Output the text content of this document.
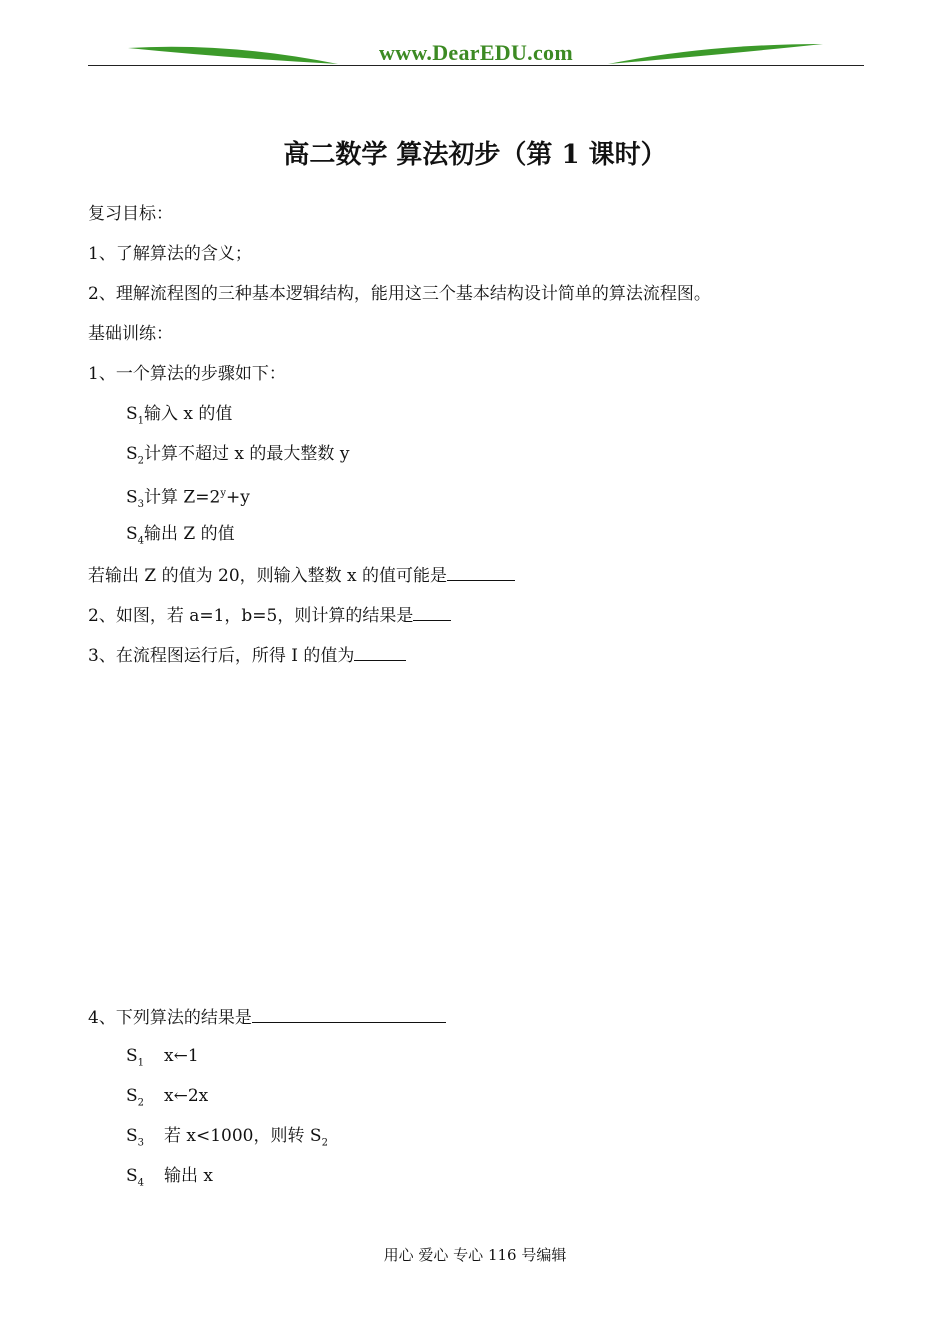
www.DearEDU.com
高二数学 算法初步（第 1 课时）
复习目标：
1、了解算法的含义；
2、理解流程图的三种基本逻辑结构，能用这三个基本结构设计简单的算法流程图。
基础训练：
1、一个算法的步骤如下：
$S_1$输入 x 的值
$S_2$计算不超过 x 的最大整数 y
$S_3$计算 $Z=2^y+y$
$S_4$输出 Z 的值
若输出 Z 的值为 20，则输入整数 x 的值可能是
2、如图，若 a=1，b=5，则计算的结果是
3、在流程图运行后，所得 I 的值为
4、下列算法的结果是
$S_1$ x←1
$S_2$ x←2x
$S_3$ 若 x<1000，则转 $S_2$
$S_4$ 输出 x
用心 爱心 专心 116 号编辑
